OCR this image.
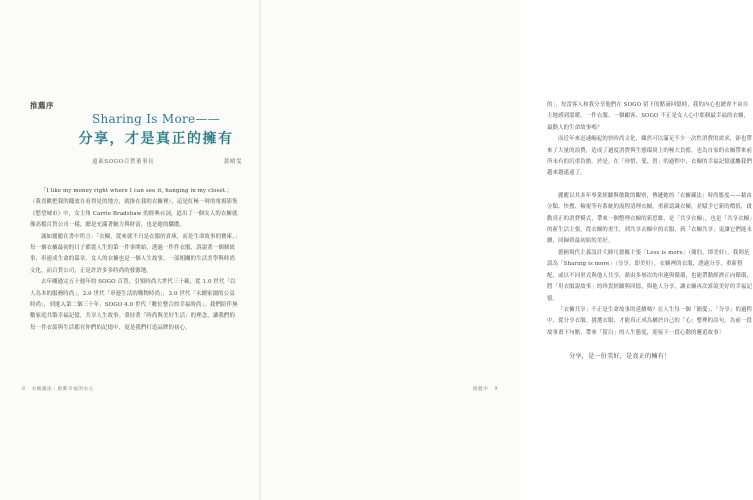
推薦序
Sharing Is More——
分享，才是真正的擁有
遠東SOGO百貨董事長	黃晴雯

「I like my money right where I can see it, hanging in my closet.」（我喜歡把我的錢放在看得見的地方，就掛在我的衣櫥裡），這是紅極一時的電視影集《慾望城市》中，女主角 Carrie Bradshaw 的經典台詞，道出了一個女人的衣櫥就像高檔百貨公司一樣，總是充滿著魅力與財富，也是她的驕傲。

誠如麗麗在書中所言：「衣櫥，從來就不只是衣服的倉庫，而是生命故事的寶庫。」每一個衣櫥最初的日子都從人生的第一件事開始，透過一件件衣服，訴說著一個個故事，串連成生命的篇章。女人的衣櫥也是一個人生故事，一部相關的生活美學與時尚文化，而百貨公司，正是許許多多時尚的發源地。

去年剛過完五十週年的 SOGO 百貨，引領時尚大世代三十載，從 1.0 世代「以人為本的服務時尚」，2.0 世代「串連生活的購物時尚」，3.0 世代「永續家園的公益時尚」，到進入第二個三十年，SOGO 4.0 世代「數位整合的幸福時尚」，我們陪伴無數家庭共築幸福記憶，共享人生故事。秉持著「時尚與美好生活」的理念，讓我們的每一件衣裳與生活都在你們的記憶中，更是我們打造品牌的初心。

8 衣櫥藏法｜啟動幸福的衣心

的」，每當客人和我分享他們在 SOGO 留下的點滴回憶時，我的內心也總會不由自主地感到溫暖。一件衣服、一個顧客、SOGO 不正是女人心中那個最幸福的衣櫥，最動人的生命故事嗎？

而近年來迅速崛起的快時尚文化，雖然可以滿足不少一次性消費的需求，卻也帶來了大量的浪費，造成了過度消費與生態環境上的極大負擔，也為自家的衣櫥帶來前所未有的沉重負擔。於是，在「珍惜、愛、買」的過程中，衣櫥的幸福記憶就離我們越來越遙遠了。

麗麗以其多年專業經驗與敏銳的觀察，傳遞她的「衣櫥藏法」時尚態度——藉由分類、快搜、檢視等有系統的流程清理衣櫥，重新認識衣櫥，並賦予它新的價值，啟動真正的消費模式，帶來一個整理衣櫥的新思維，是「共享衣櫥」，也是「共享衣櫥」的新生活主張，從衣櫥的重生，到共享衣櫥中的衣服，到「衣櫥共享」更讓它們能永續，回歸到最初始的美好。

德國現代主義設計大師凡德羅主張「Less is more」（簡約，即美好），我則是認為「Sharing is more」（分享，即美好）。衣櫥裡的衣服，透過分享、重新搭配，或以不同形式與他人共享，藉由多層次的串連與循環，也能帶動經濟正向循環，將「用衣服說故事」的珍貴經驗與回憶，與他人分享，讓衣櫥再次訴說美好的幸福記憶。

「衣櫥共享」不正是生命故事的延續嗎？在人生每一個「簡愛」、「分享」的過程中，從分享衣服、挑選衣服，才能真正成為屬於自己的「心」整理的詩句，為前一段故事畫下句點，帶來「留白」的人生態度，迎接下一段心動的邂逅故事！

分享，是一份美好，是真正的擁有！

推薦序 9
